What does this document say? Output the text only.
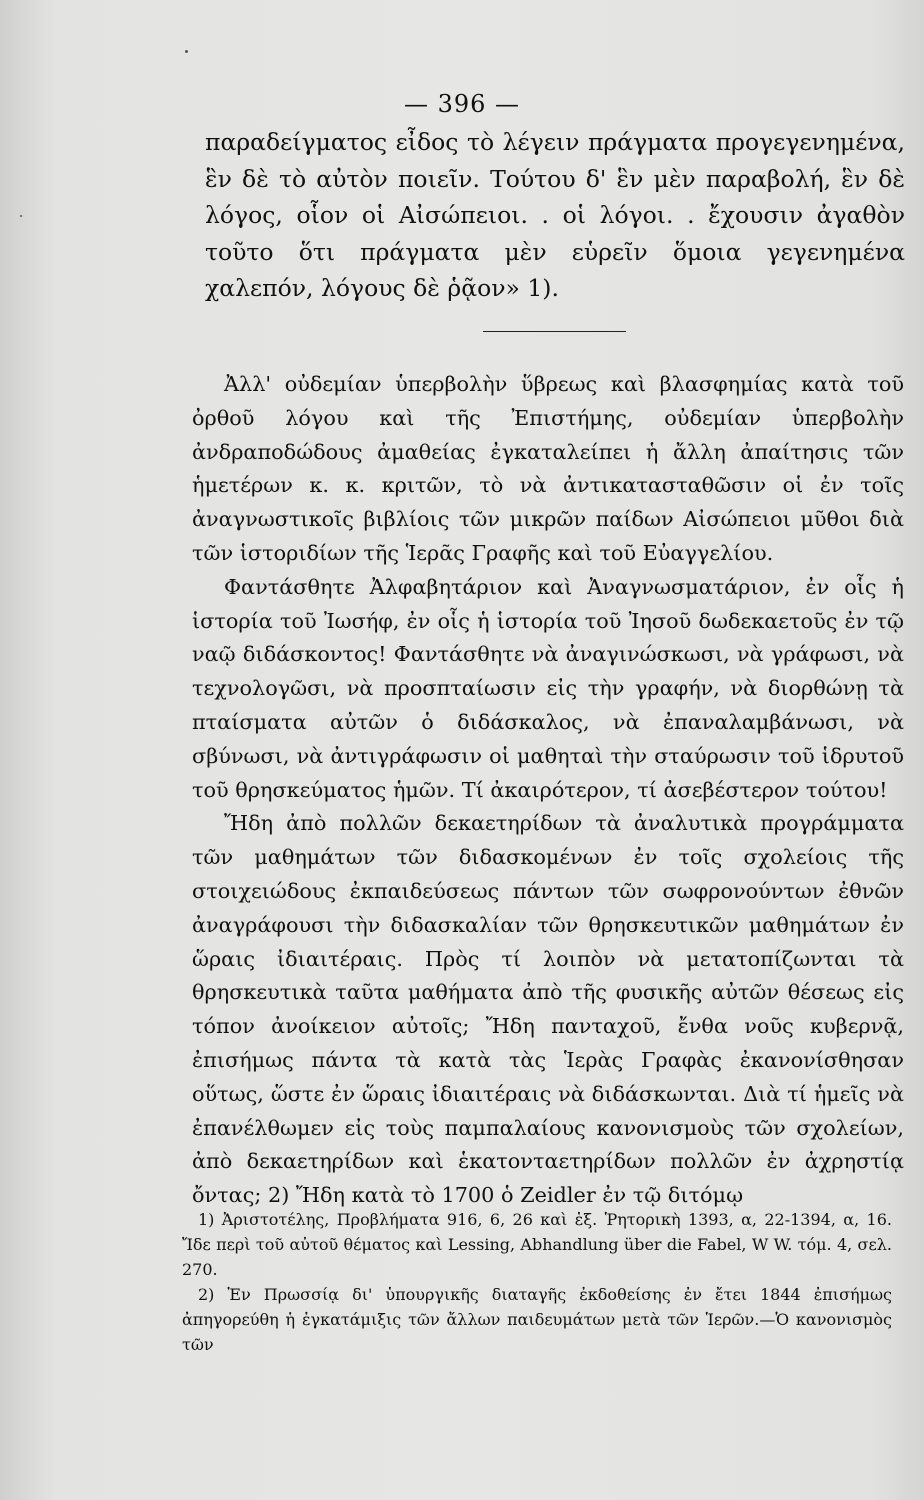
— 396 —

παραδείγματος εἶδος τὸ λέγειν πράγματα προγεγενημένα, ἓν δὲ τὸ αὐτὸν ποιεῖν. Τούτου δ' ἓν μὲν παραβολή, ἓν δὲ λόγος, οἷον οἱ Αἰσώπειοι. . οἱ λόγοι. . ἔχουσιν ἀγαθὸν τοῦτο ὅτι πράγματα μὲν εὑρεῖν ὅμοια γεγενημένα χαλεπόν, λόγους δὲ ῥᾷον» 1).

Ἀλλ' οὐδεμίαν ὑπερβολὴν ὕβρεως καὶ βλασφημίας κατὰ τοῦ ὀρθοῦ λόγου καὶ τῆς Ἐπιστήμης, οὐδεμίαν ὑπερβολὴν ἀνδραποδώδους ἀμαθείας ἐγκαταλείπει ἡ ἄλλη ἀπαίτησις τῶν ἡμετέρων κ. κ. κριτῶν, τὸ νὰ ἀντικατασταθῶσιν οἱ ἐν τοῖς ἀναγνωστικοῖς βιβλίοις τῶν μικρῶν παίδων Αἰσώπειοι μῦθοι διὰ τῶν ἱστοριδίων τῆς Ἱερᾶς Γραφῆς καὶ τοῦ Εὐαγγελίου.

Φαντάσθητε Ἀλφαβητάριον καὶ Ἀναγνωσματάριον, ἐν οἷς ἡ ἱστορία τοῦ Ἰωσήφ, ἐν οἷς ἡ ἱστορία τοῦ Ἰησοῦ δωδεκαετοῦς ἐν τῷ ναῷ διδάσκοντος! Φαντάσθητε νὰ ἀναγινώσκωσι, νὰ γράφωσι, νὰ τεχνολογῶσι, νὰ προσπταίωσιν εἰς τὴν γραφήν, νὰ διορθώνῃ τὰ πταίσματα αὐτῶν ὁ διδάσκαλος, νὰ ἐπαναλαμβάνωσι, νὰ σβύνωσι, νὰ ἀντιγράφωσιν οἱ μαθηταὶ τὴν σταύρωσιν τοῦ ἱδρυτοῦ τοῦ θρησκεύματος ἡμῶν. Τί ἀκαιρότερον, τί ἀσεβέστερον τούτου!

Ἤδη ἀπὸ πολλῶν δεκαετηρίδων τὰ ἀναλυτικὰ προγράμματα τῶν μαθημάτων τῶν διδασκομένων ἐν τοῖς σχολείοις τῆς στοιχειώδους ἐκπαιδεύσεως πάντων τῶν σωφρονούντων ἐθνῶν ἀναγράφουσι τὴν διδασκαλίαν τῶν θρησκευτικῶν μαθημάτων ἐν ὥραις ἰδιαιτέραις. Πρὸς τί λοιπὸν νὰ μετατοπίζωνται τὰ θρησκευτικὰ ταῦτα μαθήματα ἀπὸ τῆς φυσικῆς αὐτῶν θέσεως εἰς τόπον ἀνοίκειον αὐτοῖς; Ἤδη πανταχοῦ, ἔνθα νοῦς κυβερνᾷ, ἐπισήμως πάντα τὰ κατὰ τὰς Ἱερὰς Γραφὰς ἐκανονίσθησαν οὕτως, ὥστε ἐν ὥραις ἰδιαιτέραις νὰ διδάσκωνται. Διὰ τί ἡμεῖς νὰ ἐπανέλθωμεν εἰς τοὺς παμπαλαίους κανονισμοὺς τῶν σχολείων, ἀπὸ δεκαετηρίδων καὶ ἑκατονταετηρίδων πολλῶν ἐν ἀχρηστίᾳ ὄντας; 2) Ἤδη κατὰ τὸ 1700 ὁ Zeidler ἐν τῷ διτόμῳ

1) Ἀριστοτέλης, Προβλήματα 916, 6, 26 καὶ ἑξ. Ῥητορικὴ 1393, α, 22-1394, α, 16. Ἴδε περὶ τοῦ αὐτοῦ θέματος καὶ Lessing, Abhandlung über die Fabel, W W. τόμ. 4, σελ. 270.

2) Ἐν Πρωσσίᾳ δι' ὑπουργικῆς διαταγῆς ἐκδοθείσης ἐν ἔτει 1844 ἐπισήμως ἀπηγορεύθη ἡ ἐγκατάμιξις τῶν ἄλλων παιδευμάτων μετὰ τῶν Ἱερῶν.—Ὁ κανονισμὸς τῶν
